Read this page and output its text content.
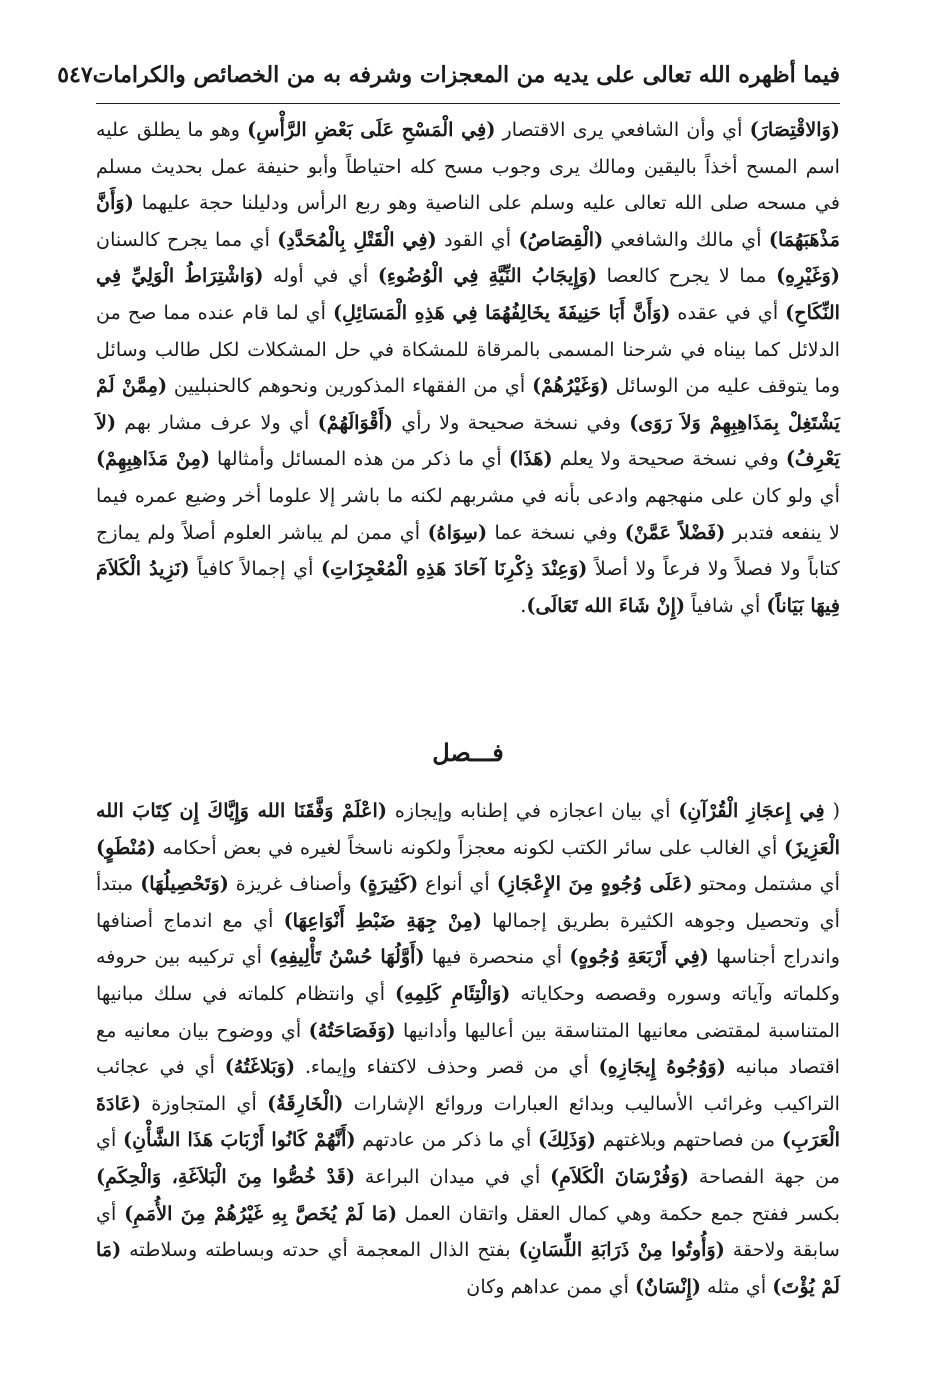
فيما أظهره الله تعالى على يديه من المعجزات وشرفه به من الخصائص والكرامات
٥٤٧

(وَالاقْتِصَارَ) أي وأن الشافعي يرى الاقتصار (فِي الْمَسْحِ عَلَى بَعْضِ الرَّأْسِ) وهو ما يطلق عليه اسم المسح أخذاً باليقين ومالك يرى وجوب مسح كله احتياطاً وأبو حنيفة عمل بحديث مسلم في مسحه صلى الله تعالى عليه وسلم على الناصية وهو ربع الرأس ودليلنا حجة عليهما (وَأَنَّ مَذْهَبَهُمَا) أي مالك والشافعي (الْقِصَاصُ) أي القود (فِي الْقَتْلِ بِالْمُحَدَّدِ) أي مما يجرح كالسنان (وَغَيْرِهِ) مما لا يجرح كالعصا (وَإِيجَابُ النِّيَّةِ فِي الْوُضُوءِ) أي في أوله (وَاشْتِرَاطُ الْوَلِيِّ فِي النِّكَاحِ) أي في عقده (وَأَنَّ أَبَا حَنِيفَةَ يخَالِفُهُمَا فِي هَذِهِ الْمَسَائِلِ) أي لما قام عنده مما صح من الدلائل كما بيناه في شرحنا المسمى بالمرقاة للمشكاة في حل المشكلات لكل طالب وسائل وما يتوقف عليه من الوسائل (وَغَيْرُهُمْ) أي من الفقهاء المذكورين ونحوهم كالحنبليين (مِمَّنْ لَمْ يَشْتَغِلْ بِمَذَاهِبِهِمْ وَلاَ رَوَى) وفي نسخة صحيحة ولا رأي (أَقْوَالَهُمْ) أي ولا عرف مشار بهم (لاَ يَعْرِفُ) وفي نسخة صحيحة ولا يعلم (هَذَا) أي ما ذكر من هذه المسائل وأمثالها (مِنْ مَذَاهِبِهِمْ) أي ولو كان على منهجهم وادعى بأنه في مشربهم لكنه ما باشر إلا علوما أخر وضيع عمره فيما لا ينفعه فتدبر (فَضْلاً عَمَّنْ) وفي نسخة عما (سِوَاهُ) أي ممن لم يباشر العلوم أصلاً ولم يمازج كتاباً ولا فصلاً ولا فرعاً ولا أصلاً (وَعِنْدَ ذِكْرِنَا آحَادَ هَذِهِ الْمُعْجِزَاتِ) أي إجمالاً كافياً (نَزِيدُ الْكَلاَمَ فِيهَا بَيَاناً) أي شافياً (إِنْ شَاءَ الله تَعَالَى).

فـــصل

( فِي إِعجَازِ الْقُرْآنِ) أي بيان اعجازه في إطنابه وإيجازه (اعْلَمْ وَفَّقَنَا الله وَإِيَّاكَ إِن كِتَابَ الله الْعَزِيزَ) أي الغالب على سائر الكتب لكونه معجزاً ولكونه ناسخاً لغيره في بعض أحكامه (مُنْطَوٍ) أي مشتمل ومحتو (عَلَى وُجُوهٍ مِنَ الإِعْجَازِ) أي أنواع (كَثِيرَةٍ) وأصناف غريزة (وَتَحْصِيلُهَا) مبتدأ أي وتحصيل وجوهه الكثيرة بطريق إجمالها (مِنْ جِهَةِ ضَبْطِ أَنْوَاعِهَا) أي مع اندماج أصنافها واندراج أجناسها (فِي أَرْبَعَةِ وُجُوهٍ) أي منحصرة فيها (أَوَّلُهَا حُسْنُ تَأْلِيفِهِ) أي تركيبه بين حروفه وكلماته وآياته وسوره وقصصه وحكاياته (وَالْتِئَامِ كَلِمِهِ) أي وانتظام كلماته في سلك مبانيها المتناسبة لمقتضى معانيها المتناسقة بين أعاليها وأدانيها (وَفَصَاحَتُهُ) أي ووضوح بيان معانيه مع اقتصاد مبانيه (وَوُجُوهُ إِيجَازِهِ) أي من قصر وحذف لاكتفاء وإيماء. (وَبَلاغَتُهُ) أي في عجائب التراكيب وغرائب الأساليب وبدائع العبارات وروائع الإشارات (الْخَارِقَةُ) أي المتجاوزة (عَادَةَ الْعَرَبِ) من فصاحتهم وبلاغتهم (وَذَلِكَ) أي ما ذكر من عادتهم (أَنَّهُمْ كَانُوا أَرْبَابَ هَذَا الشَّأْنِ) أي من جهة الفصاحة (وَفُرْسَانَ الْكَلاَمِ) أي في ميدان البراعة (قَدْ خُصُّوا مِنَ الْبَلاَغَةِ، وَالْحِكَمِ) بكسر ففتح جمع حكمة وهي كمال العقل واتقان العمل (مَا لَمْ يُخَصَّ بِهِ غَيْرُهُمْ مِنَ الأُمَمِ) أي سابقة ولاحقة (وَأُوتُوا مِنْ ذَرَابَةِ اللِّسَانِ) بفتح الذال المعجمة أي حدته وبساطته وسلاطته (مَا لَمْ يُؤْتَ) أي مثله (إِنْسَانٌ) أي ممن عداهم وكان
